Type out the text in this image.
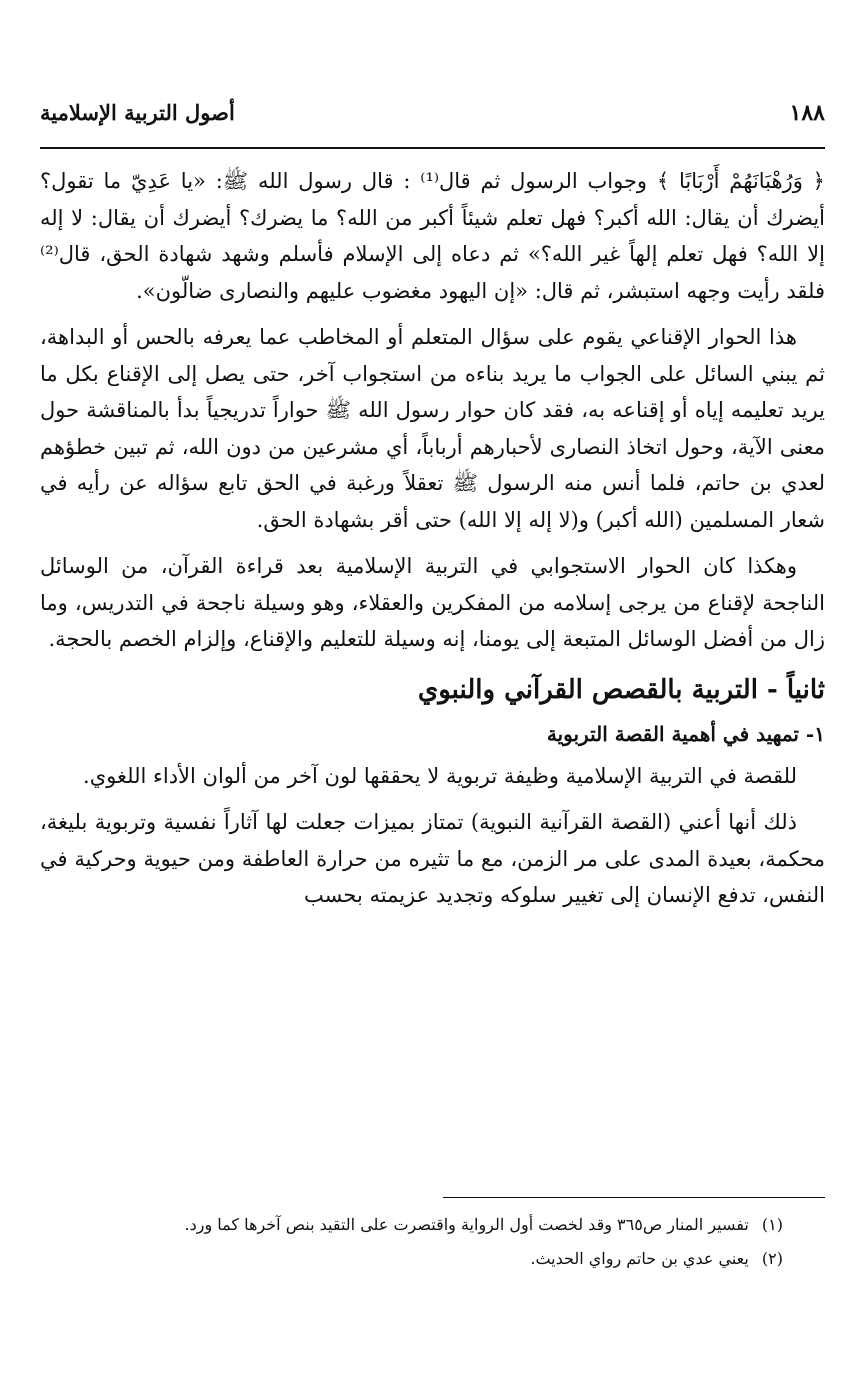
١٨٨
أصول التربية الإسلامية

﴿ وَرُهْبَانَهُمْ أَرْبَابًا ﴾ وجواب الرسول ثم قال⁽¹⁾ : قال رسول الله ﷺ: «يا عَدِيّ ما تقول؟ أيضرك أن يقال: الله أكبر؟ فهل تعلم شيئاً أكبر من الله؟ ما يضرك؟ أيضرك أن يقال: لا إله إلا الله؟ فهل تعلم إلهاً غير الله؟» ثم دعاه إلى الإسلام فأسلم وشهد شهادة الحق، قال⁽²⁾ فلقد رأيت وجهه استبشر، ثم قال: «إن اليهود مغضوب عليهم والنصارى ضالّون».

هذا الحوار الإقناعي يقوم على سؤال المتعلم أو المخاطب عما يعرفه بالحس أو البداهة، ثم يبني السائل على الجواب ما يريد بناءه من استجواب آخر، حتى يصل إلى الإقناع بكل ما يريد تعليمه إياه أو إقناعه به، فقد كان حوار رسول الله ﷺ حواراً تدريجياً بدأ بالمناقشة حول معنى الآية، وحول اتخاذ النصارى لأحبارهم أرباباً، أي مشرعين من دون الله، ثم تبين خطؤهم لعدي بن حاتم، فلما أنس منه الرسول ﷺ تعقلاً ورغبة في الحق تابع سؤاله عن رأيه في شعار المسلمين (الله أكبر) و(لا إله إلا الله) حتى أقر بشهادة الحق.

وهكذا كان الحوار الاستجوابي في التربية الإسلامية بعد قراءة القرآن، من الوسائل الناجحة لإقناع من يرجى إسلامه من المفكرين والعقلاء، وهو وسيلة ناجحة في التدريس، وما زال من أفضل الوسائل المتبعة إلى يومنا، إنه وسيلة للتعليم والإقناع، وإلزام الخصم بالحجة.

ثانياً - التربية بالقصص القرآني والنبوي
١- تمهيد في أهمية القصة التربوية

للقصة في التربية الإسلامية وظيفة تربوية لا يحققها لون آخر من ألوان الأداء اللغوي.

ذلك أنها أعني (القصة القرآنية النبوية) تمتاز بميزات جعلت لها آثاراً نفسية وتربوية بليغة، محكمة، بعيدة المدى على مر الزمن، مع ما تثيره من حرارة العاطفة ومن حيوية وحركية في النفس، تدفع الإنسان إلى تغيير سلوكه وتجديد عزيمته بحسب

(١) تفسير المنار ص٣٦٥ وقد لخصت أول الرواية واقتصرت على التقيد بنص آخرها كما ورد.

(٢) يعني عدي بن حاتم رواي الحديث.
